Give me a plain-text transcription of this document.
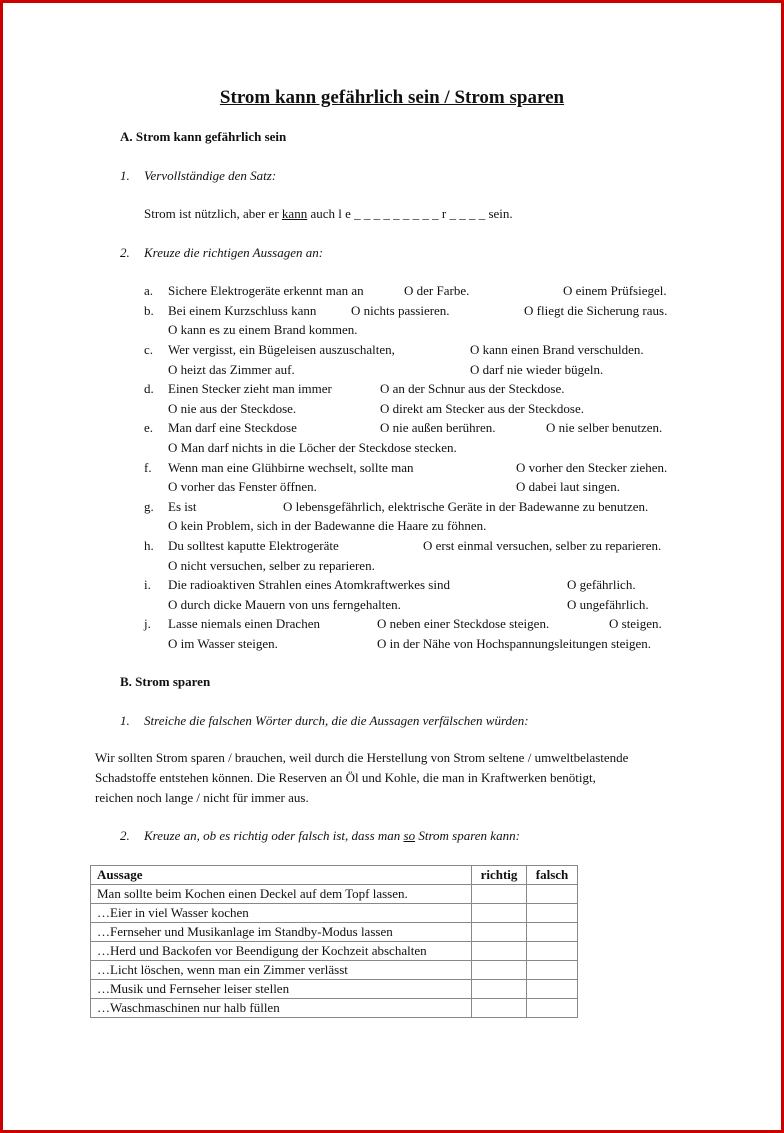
Strom kann gefährlich sein / Strom sparen
A. Strom kann gefährlich sein
1. Vervollständige den Satz:
Strom ist nützlich, aber er kann auch l e _ _ _ _ _ _ _ _ _ r _ _ _ _ sein.
2. Kreuze die richtigen Aussagen an:
a. Sichere Elektrogeräte erkennt man an	O der Farbe.	O einem Prüfsiegel.
b. Bei einem Kurzschluss kann	O nichts passieren.	O fliegt die Sicherung raus.
O kann es zu einem Brand kommen.
c. Wer vergisst, ein Bügeleisen auszuschalten,	O kann einen Brand verschulden.
O heizt das Zimmer auf.	O darf nie wieder bügeln.
d. Einen Stecker zieht man immer	O an der Schnur aus der Steckdose.
O nie aus der Steckdose.	O direkt am Stecker aus der Steckdose.
e. Man darf eine Steckdose	O nie außen berühren.	O nie selber benutzen.
O Man darf nichts in die Löcher der Steckdose stecken.
f. Wenn man eine Glühbirne wechselt, sollte man	O vorher den Stecker ziehen.
O vorher das Fenster öffnen.	O dabei laut singen.
g. Es ist	O lebensgefährlich, elektrische Geräte in der Badewanne zu benutzen.
O kein Problem, sich in der Badewanne die Haare zu föhnen.
h. Du solltest kaputte Elektrogeräte	O erst einmal versuchen, selber zu reparieren.
O nicht versuchen, selber zu reparieren.
i. Die radioaktiven Strahlen eines Atomkraftwerkes sind	O gefährlich.
O durch dicke Mauern von uns ferngehalten.	O ungefährlich.
j. Lasse niemals einen Drachen	O neben einer Steckdose steigen.	O steigen.
O im Wasser steigen.	O in der Nähe von Hochspannungsleitungen steigen.
B. Strom sparen
1. Streiche die falschen Wörter durch, die die Aussagen verfälschen würden:
Wir sollten Strom sparen / brauchen, weil durch die Herstellung von Strom seltene / umweltbelastende
Schadstoffe entstehen können. Die Reserven an Öl und Kohle, die man in Kraftwerken benötigt,
reichen noch lange / nicht für immer aus.
2. Kreuze an, ob es richtig oder falsch ist, dass man so Strom sparen kann:
Aussage	richtig	falsch
Man sollte beim Kochen einen Deckel auf dem Topf lassen.		
…Eier in viel Wasser kochen		
…Fernseher und Musikanlage im Standby-Modus lassen		
…Herd und Backofen vor Beendigung der Kochzeit abschalten		
…Licht löschen, wenn man ein Zimmer verlässt		
…Musik und Fernseher leiser stellen		
…Waschmaschinen nur halb füllen		
